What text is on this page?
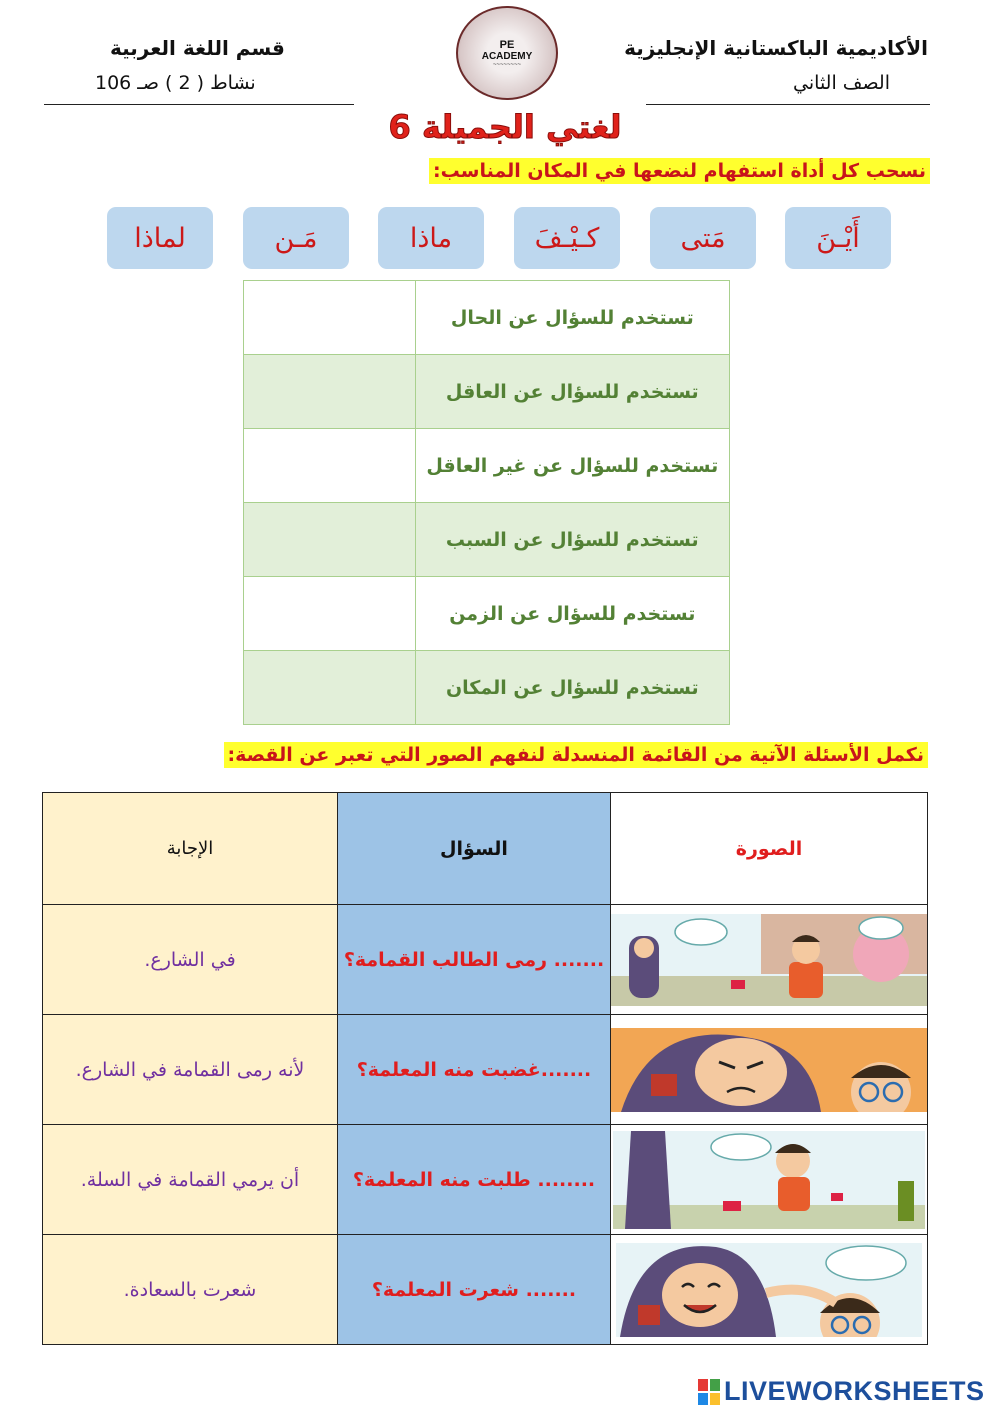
الأكاديمية الباكستانية الإنجليزية
الصف الثاني
قسم اللغة العربية
نشاط ( 2 ) صـ 106
PE
ACADEMY
~~~~~~~~
لغتي الجميلة 6
نسحب كل أداة استفهام لنضعها في المكان المناسب:
أَيْـنَ
مَتى
كـيْـفَ
ماذا
مَـن
لماذا
تستخدم للسؤال عن الحال	
تستخدم للسؤال عن العاقل	
تستخدم للسؤال عن غير العاقل	
تستخدم للسؤال عن السبب	
تستخدم للسؤال عن الزمن	
تستخدم للسؤال عن المكان	
نكمل الأسئلة الآتية من القائمة المنسدلة لنفهم الصور التي تعبر عن القصة:
الصورة	السؤال	الإجابة

	....... رمى الطالب القمامة؟	في الشارع.

	.......غضبت منه المعلمة؟	لأنه رمى القمامة في الشارع.

	........ طلبت منه المعلمة؟	أن يرمي القمامة في السلة.

	....... شعرت المعلمة؟	شعرت بالسعادة.
LIVEWORKSHEETS
